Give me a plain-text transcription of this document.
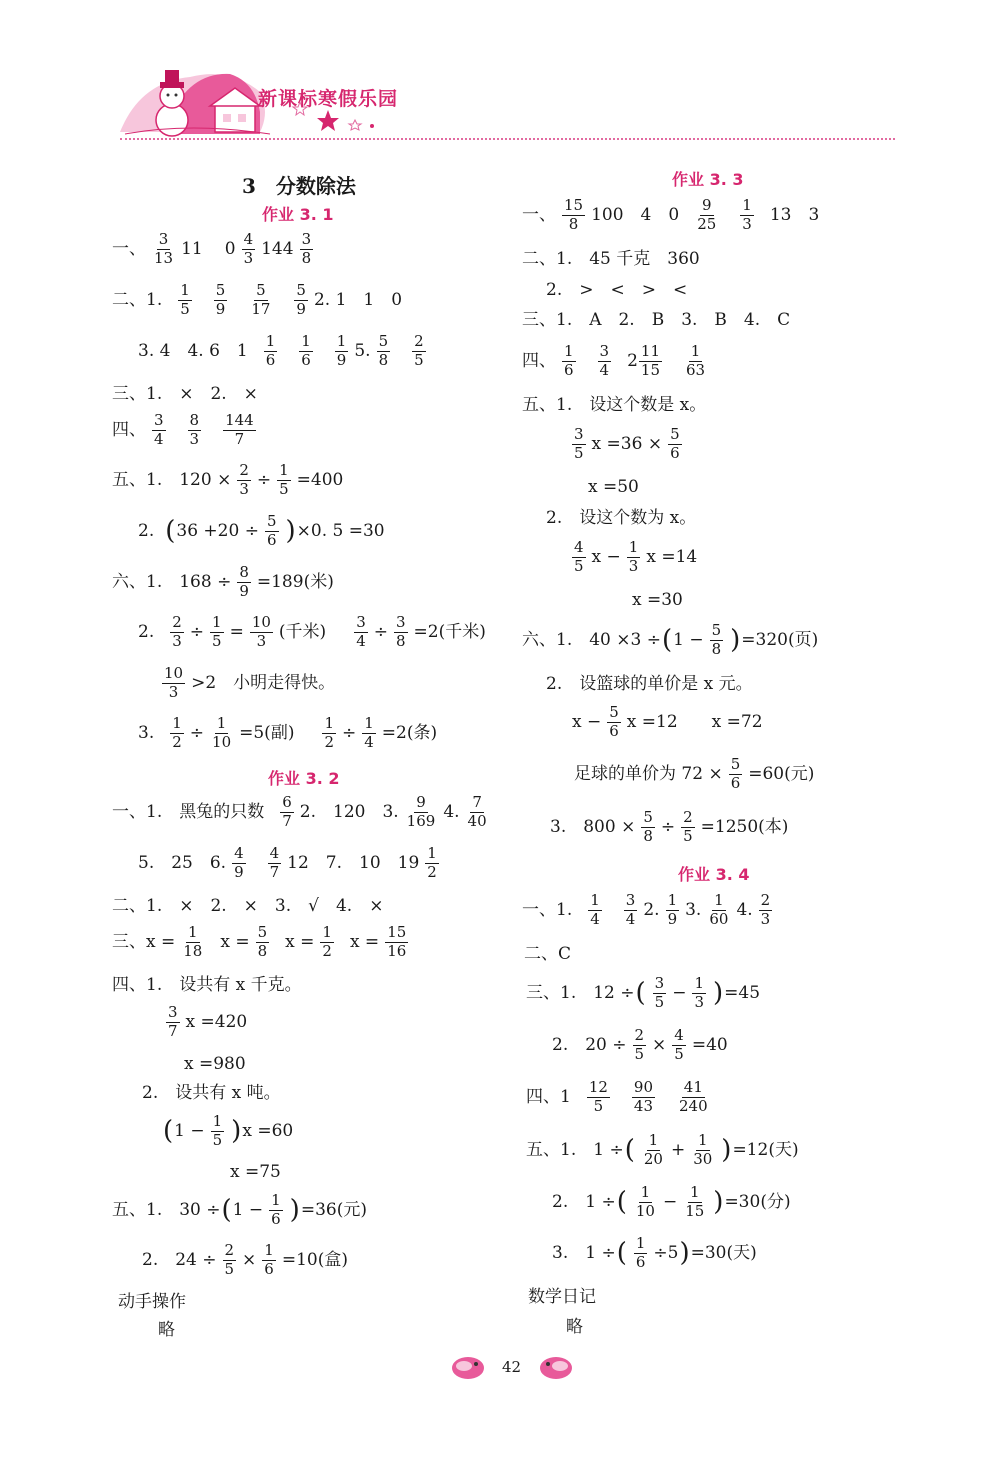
新课标寒假乐园
3　分数除法
作业 3. 1
一、 $\frac{3}{13} 11$ $0 \frac{4}{3} 144 \frac{3}{8}$
二、1. $\frac{1}{5} \frac{5}{9} \frac{5}{17} \frac{5}{9} 2$. 1　1　0
3. 4　4. 6　$1 \frac{1}{6} \frac{1}{6} \frac{1}{9} 5$. $\frac{5}{8} \frac{2}{5}$
三、1.　×　2.　×
四、 $\frac{3}{4} \frac{8}{3} \frac{144}{7}$
五、1.　$120 \times \frac{2}{3} \div \frac{1}{5} =400$
2. ( $36 +20 \div \frac{5}{6}$ ) ×0. 5 =30
六、1.　$168 \div \frac{8}{9} =189$(米)
2. $\frac{2}{3} \div \frac{1}{5} = \frac{10}{3}$ (千米) $\frac{3}{4} \div \frac{3}{8} =2$(千米)
$\frac{10}{3} >2$　小明走得快。
3. $\frac{1}{2} \div \frac{1}{10} =5$(副) $\frac{1}{2} \div \frac{1}{4} =2$(条)
作业 3. 2
一、1.　黑兔的只数 $\frac{6}{7} 2$.　120　3. $\frac{9}{169} 4$. $\frac{7}{40}$
5.　25　6. $\frac{4}{9} \frac{4}{7} 12$　7.　10　$19 \frac{1}{2}$
二、1.　×　2.　×　3.　√　4.　×
三、$x = \frac{1}{18}$ $x = \frac{5}{8}$ $x = \frac{1}{2}$ $x = \frac{15}{16}$
四、1.　设共有 x 千克。
$\frac{3}{7}$ x =420
x =980
2.　设共有 x 吨。
( $1 - \frac{1}{5}$ ) x =60
x =75
五、1.　30 ÷ ( $1 - \frac{1}{6}$ ) =36(元)
2.　$24 \div \frac{2}{5} \times \frac{1}{6} =10$(盒)
动手操作
略
作业 3. 3
一、 $\frac{15}{8} 100$　4　$0 \frac{9}{25} \frac{1}{3} 13$　3
二、1.　45 千克　360
2.　>　<　>　<
三、1.　A　2.　B　3.　B　4.　C
四、 $\frac{1}{6} \frac{3}{4} 2 \frac{11}{15} \frac{1}{63}$
五、1.　设这个数是 x。
$\frac{3}{5}$ $x =36 \times \frac{5}{6}$
x =50
2.　设这个数为 x。
$\frac{4}{5}$ $x - \frac{1}{3}$ x =14
x =30
六、1.　40 ×3 ÷ ( $1 - \frac{5}{8}$ ) =320(页)
2.　设篮球的单价是 x 元。
$x - \frac{5}{6}$ x =12　　x =72
足球的单价为 $72 \times \frac{5}{6} =60$(元)
3.　$800 \times \frac{5}{8} \div \frac{2}{5} =1250$(本)
作业 3. 4
一、1. $\frac{1}{4} \frac{3}{4} 2$. $\frac{1}{9} 3$. $\frac{1}{60} 4$. $\frac{2}{3}$
二、C
三、1.　12 ÷ ( $\frac{3}{5} - \frac{1}{3}$ ) =45
2.　$20 \div \frac{2}{5} \times \frac{4}{5} =40$
四、$1 \frac{12}{5} \frac{90}{43} \frac{41}{240}$
五、1.　1 ÷ ( $\frac{1}{20} + \frac{1}{30}$ ) =12(天)
2.　1 ÷ ( $\frac{1}{10} - \frac{1}{15}$ ) =30(分)
3.　1 ÷ ( $\frac{1}{6} \div 5$ ) =30(天)
数学日记
略
42
